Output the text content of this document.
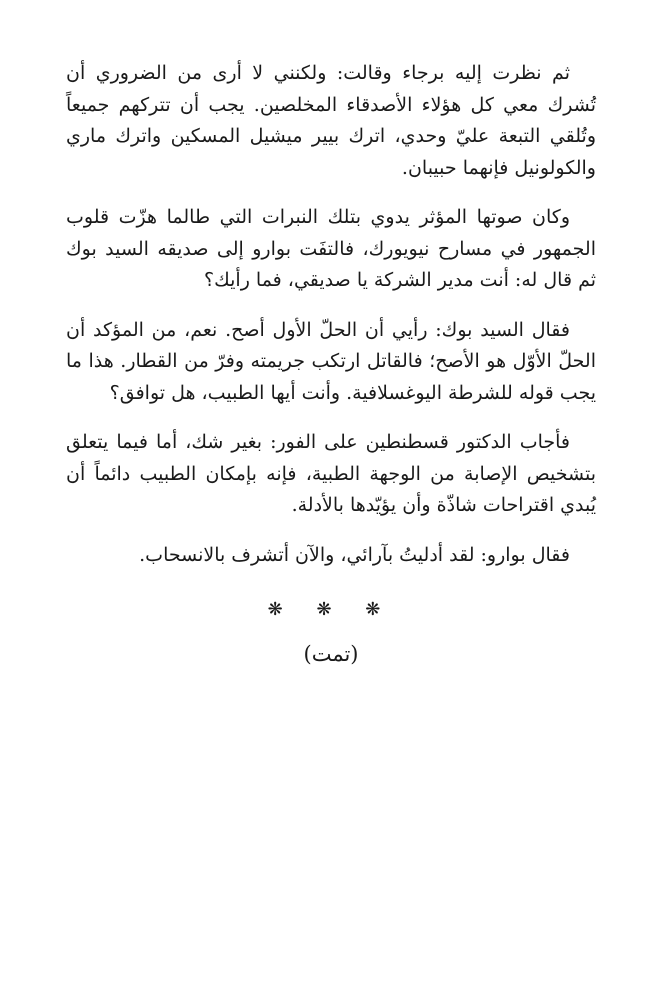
ثم نظرت إليه برجاء وقالت: ولكنني لا أرى من الضروري أن تُشرك معي كل هؤلاء الأصدقاء المخلصين. يجب أن تتركهم جميعاً وتُلقي التبعة عليّ وحدي، اترك بيير ميشيل المسكين واترك ماري والكولونيل فإنهما حبيبان.

وكان صوتها المؤثر يدوي بتلك النبرات التي طالما هزّت قلوب الجمهور في مسارح نيويورك، فالتفَت بوارو إلى صديقه السيد بوك ثم قال له: أنت مدير الشركة يا صديقي، فما رأيك؟

فقال السيد بوك: رأيي أن الحلّ الأول أصح. نعم، من المؤكد أن الحلّ الأوّل هو الأصح؛ فالقاتل ارتكب جريمته وفرّ من القطار. هذا ما يجب قوله للشرطة اليوغسلافية. وأنت أيها الطبيب، هل توافق؟

فأجاب الدكتور قسطنطين على الفور: بغير شك، أما فيما يتعلق بتشخيص الإصابة من الوجهة الطبية، فإنه بإمكان الطبيب دائماً أن يُبدي اقتراحات شاذّة وأن يؤيّدها بالأدلة.

فقال بوارو: لقد أدليتُ بآرائي، والآن أتشرف بالانسحاب.

❋ ❋ ❋
(تمت)
